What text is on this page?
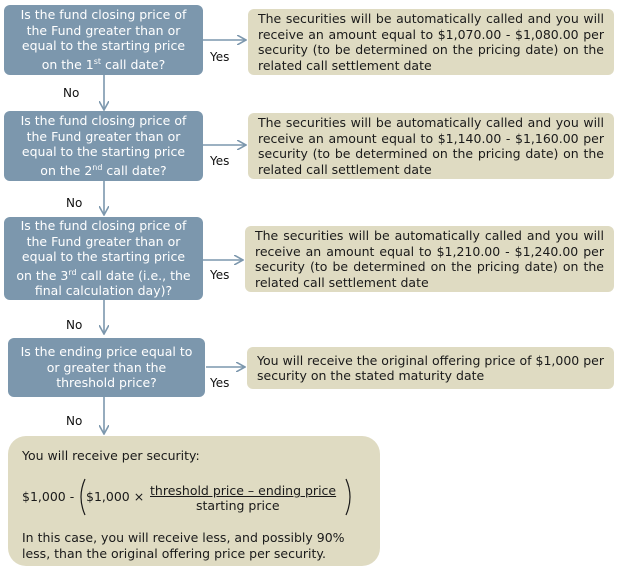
Is the fund closing price of
the Fund greater than or
equal to the starting price
on the 1st call date?
Is the fund closing price of
the Fund greater than or
equal to the starting price
on the 2nd call date?
Is the fund closing price of
the Fund greater than or
equal to the starting price
on the 3rd call date (i.e., the
final calculation day)?
Is the ending price equal to
or greater than the
threshold price?
Yes
Yes
Yes
Yes
No
No
No
No
The securities will be automatically called and you will receive an amount equal to $1,070.00 - $1,080.00 per security (to be determined on the pricing date) on the related call settlement date
The securities will be automatically called and you will receive an amount equal to $1,140.00 - $1,160.00 per security (to be determined on the pricing date) on the related call settlement date
The securities will be automatically called and you will receive an amount equal to $1,210.00 - $1,240.00 per security (to be determined on the pricing date) on the related call settlement date
You will receive the original offering price of $1,000 per security on the stated maturity date
You will receive per security:
$1,000 - $1,000 × threshold price – ending price
starting price
In this case, you will receive less, and possibly 90% less, than the original offering price per security.
